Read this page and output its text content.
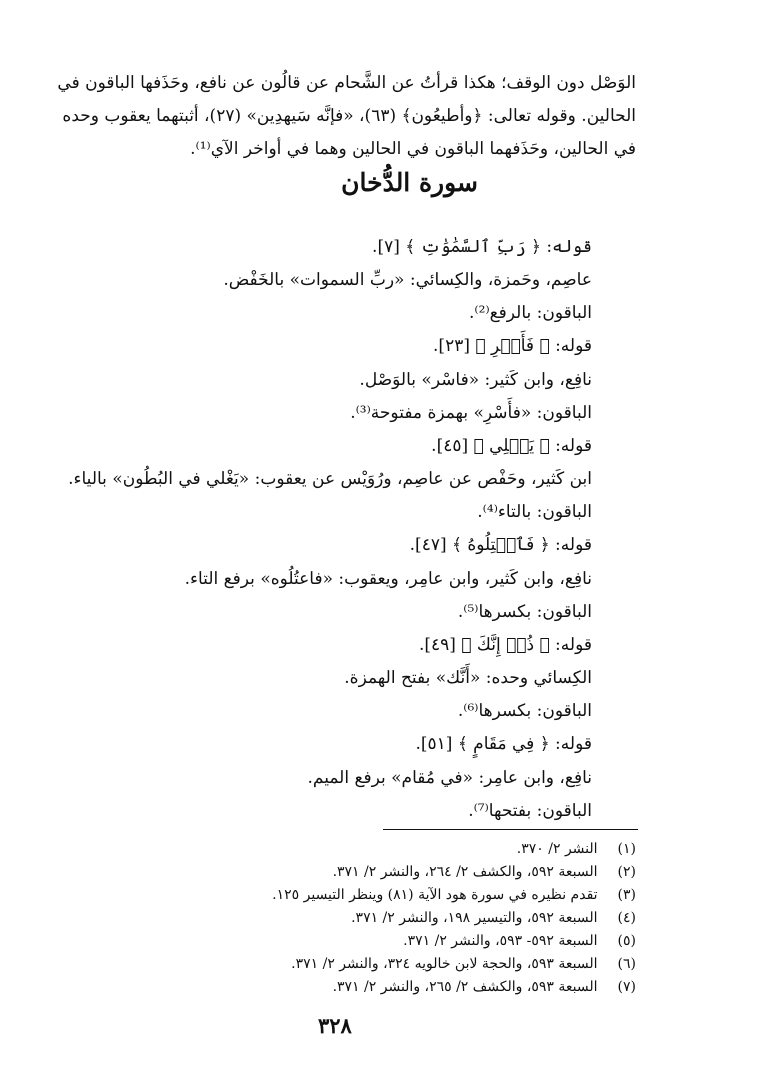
الوَصْل دون الوقف؛ هكذا قرأتُ عن الشَّحام عن قالُون عن نافع، وحَذَفها الباقون في
الحالين. وقوله تعالى: ﴿وأطيعُون﴾ (٦٣)، «فإنَّه سَيهدِين» (٢٧)، أثبتهما يعقوب وحده
في الحالين، وحَذَفهما الباقون في الحالين وهما في أواخر الآي⁽¹⁾.
سورة الدُّخان
قوله: ﴿ رَبِّ ٱلسَّمَٰوَٰتِ ﴾ [٧].
عاصِم، وحَمزة، والكِسائي: «ربِّ السموات» بالخَفْض.
الباقون: بالرفع⁽²⁾.
قوله: ﴿ فَأَسۡرِ ﴾ [٢٣].
نافِع، وابن كَثير: «فاسْر» بالوَصْل.
الباقون: «فأَسْرِ» بهمزة مفتوحة⁽³⁾.
قوله: ﴿ يَغۡلِي ﴾ [٤٥].
ابن كَثير، وحَفْص عن عاصِم، ورُوَيْس عن يعقوب: «يَغْلي في البُطُون» بالياء.
الباقون: بالتاء⁽⁴⁾.
قوله: ﴿ فَٱعۡتِلُوهُ ﴾ [٤٧].
نافِع، وابن كَثير، وابن عامِر، ويعقوب: «فاعتُلُوه» برفع التاء.
الباقون: بكسرها⁽⁵⁾.
قوله: ﴿ ذُقۡ إِنَّكَ ﴾ [٤٩].
الكِسائي وحده: «أَنَّك» بفتح الهمزة.
الباقون: بكسرها⁽⁶⁾.
قوله: ﴿ فِي مَقَامٍ ﴾ [٥١].
نافِع، وابن عامِر: «في مُقام» برفع الميم.
الباقون: بفتحها⁽⁷⁾.
(١) النشر ٢/ ٣٧٠.
(٢) السبعة ٥٩٢، والكشف ٢/ ٢٦٤، والنشر ٢/ ٣٧١.
(٣) تقدم نظيره في سورة هود الآية (٨١) وينظر التيسير ١٢٥.
(٤) السبعة ٥٩٢، والتيسير ١٩٨، والنشر ٢/ ٣٧١.
(٥) السبعة ٥٩٢- ٥٩٣، والنشر ٢/ ٣٧١.
(٦) السبعة ٥٩٣، والحجة لابن خالويه ٣٢٤، والنشر ٢/ ٣٧١.
(٧) السبعة ٥٩٣، والكشف ٢/ ٢٦٥، والنشر ٢/ ٣٧١.
٣٢٨
